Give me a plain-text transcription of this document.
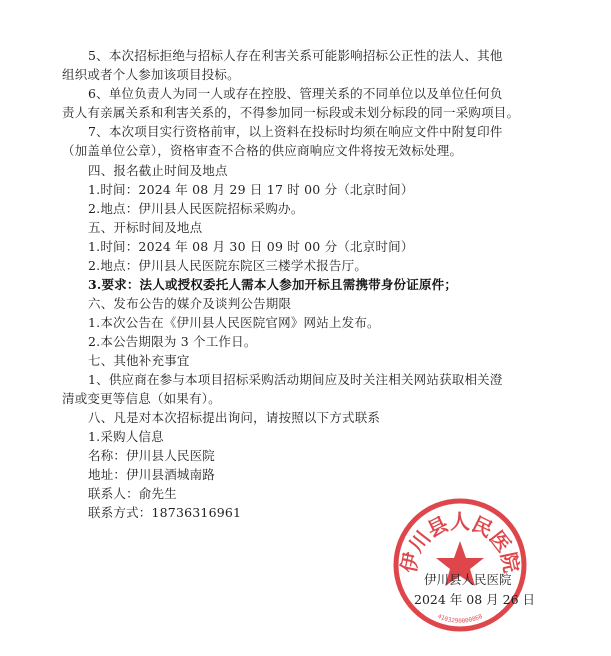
5、本次招标拒绝与招标人存在利害关系可能影响招标公正性的法人、其他
组织或者个人参加该项目投标。
6、单位负责人为同一人或存在控股、管理关系的不同单位以及单位任何负
责人有亲属关系和利害关系的，不得参加同一标段或未划分标段的同一采购项目。
7、本次项目实行资格前审，以上资料在投标时均须在响应文件中附复印件
（加盖单位公章），资格审查不合格的供应商响应文件将按无效标处理。
四、报名截止时间及地点
1.时间：2024 年 08 月 29 日 17 时 00 分（北京时间）
2.地点：伊川县人民医院招标采购办。
五、开标时间及地点
1.时间：2024 年 08 月 30 日 09 时 00 分（北京时间）
2.地点：伊川县人民医院东院区三楼学术报告厅。
3.要求：法人或授权委托人需本人参加开标且需携带身份证原件；
六、发布公告的媒介及谈判公告期限
1.本次公告在《伊川县人民医院官网》网站上发布。
2.本公告期限为 3 个工作日。
七、其他补充事宜
1、供应商在参与本项目招标采购活动期间应及时关注相关网站获取相关澄
清或变更等信息（如果有）。
八、凡是对本次招标提出询问，请按照以下方式联系
1.采购人信息
名称：伊川县人民医院
地址：伊川县酒城南路
联系人：俞先生
联系方式：18736316961
伊川县人民医院
4103290000868
伊川县人民医院
2024 年 08 月 26 日
